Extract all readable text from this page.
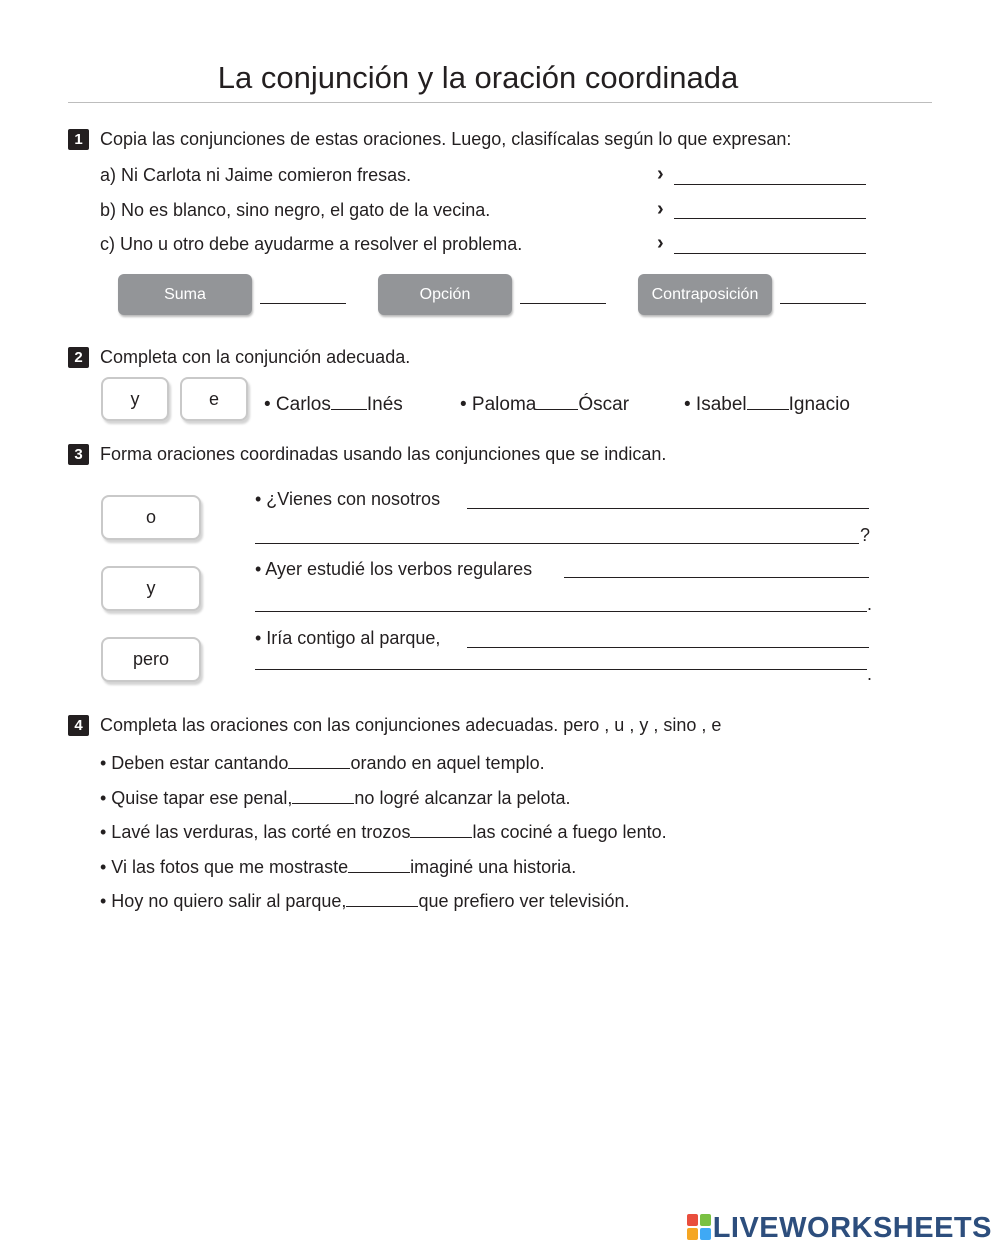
La conjunción y la oración coordinada
1 Copia las conjunciones de estas oraciones. Luego, clasifícalas según lo que expresan:
a) Ni Carlota ni Jaime comieron fresas.	›
b) No es blanco, sino negro, el gato de la vecina.	›
c) Uno u otro debe ayudarme a resolver el problema.	›
Suma	Opción	Contraposición
2 Completa con la conjunción adecuada.
y	e	• Carlos Inés	• Paloma Óscar	• Isabel Ignacio
3 Forma oraciones coordinadas usando las conjunciones que se indican.
o
• ¿Vienes con nosotros
?
y
• Ayer estudié los verbos regulares
.
pero
• Iría contigo al parque,
.
4 Completa las oraciones con las conjunciones adecuadas. pero , u , y , sino , e
• Deben estar cantando	orando en aquel templo.
• Quise tapar ese penal,	no logré alcanzar la pelota.
• Lavé las verduras, las corté en trozos	las cociné a fuego lento.
• Vi las fotos que me mostraste	imaginé una historia.
• Hoy no quiero salir al parque,	que prefiero ver televisión.
LIVEWORKSHEETS
